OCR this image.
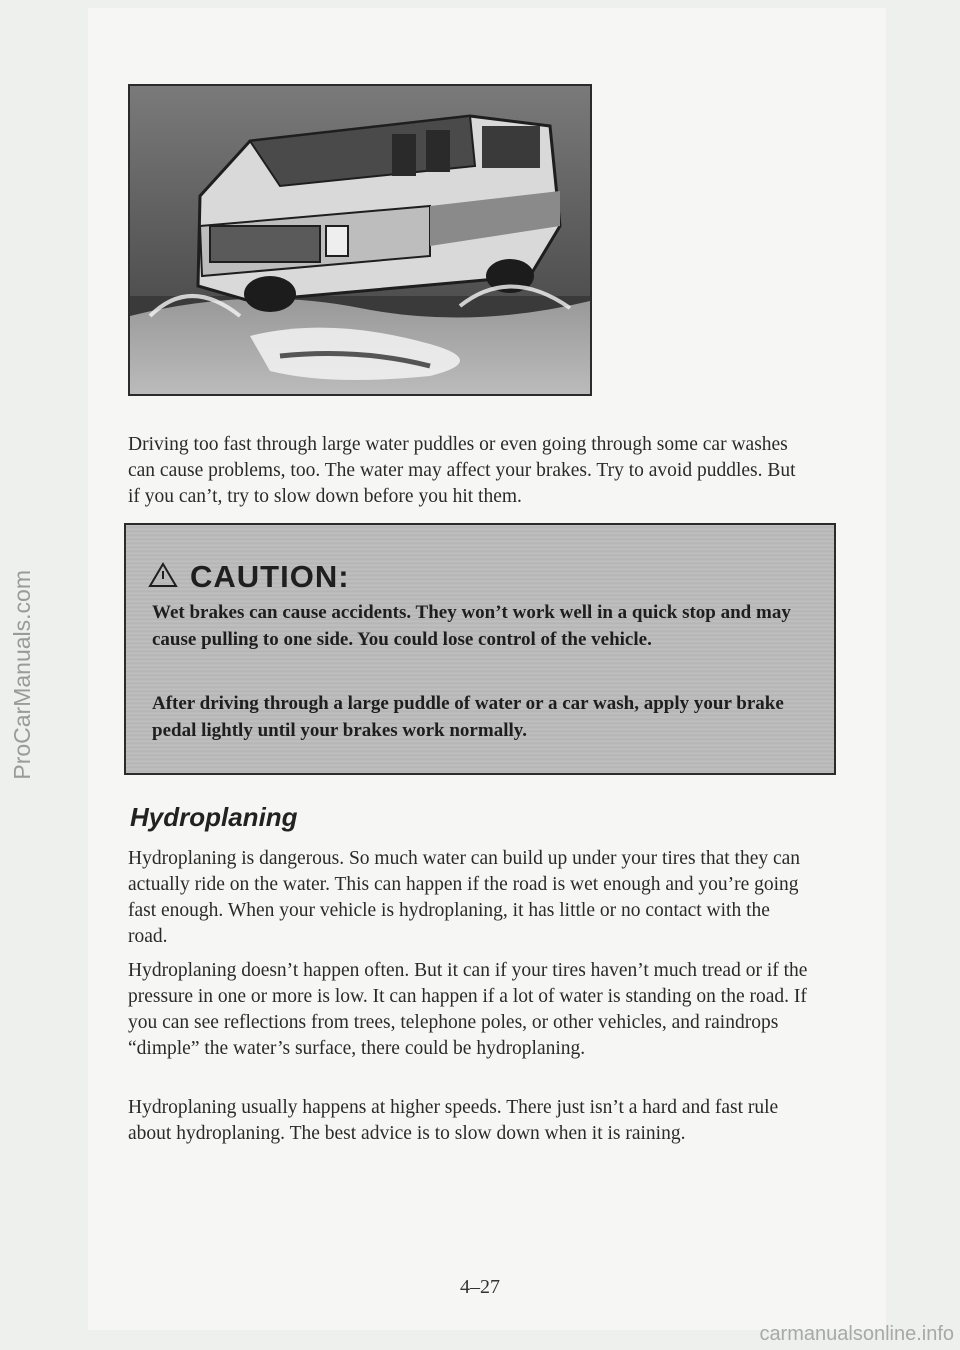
Driving too fast through large water puddles or even going through some car washes can cause problems, too. The water may affect your brakes. Try to avoid puddles. But if you can’t, try to slow down before you hit them.

CAUTION:

Wet brakes can cause accidents. They won’t work well in a quick stop and may cause pulling to one side. You could lose control of the vehicle.

After driving through a large puddle of water or a car wash, apply your brake pedal lightly until your brakes work normally.

Hydroplaning

Hydroplaning is dangerous. So much water can build up under your tires that they can actually ride on the water. This can happen if the road is wet enough and you’re going fast enough. When your vehicle is hydroplaning, it has little or no contact with the road.

Hydroplaning doesn’t happen often. But it can if your tires haven’t much tread or if the pressure in one or more is low. It can happen if a lot of water is standing on the road. If you can see reflections from trees, telephone poles, or other vehicles, and raindrops “dimple” the water’s surface, there could be hydroplaning.

Hydroplaning usually happens at higher speeds. There just isn’t a hard and fast rule about hydroplaning. The best advice is to slow down when it is raining.

4–27
ProCarManuals.com
carmanualsonline.info
